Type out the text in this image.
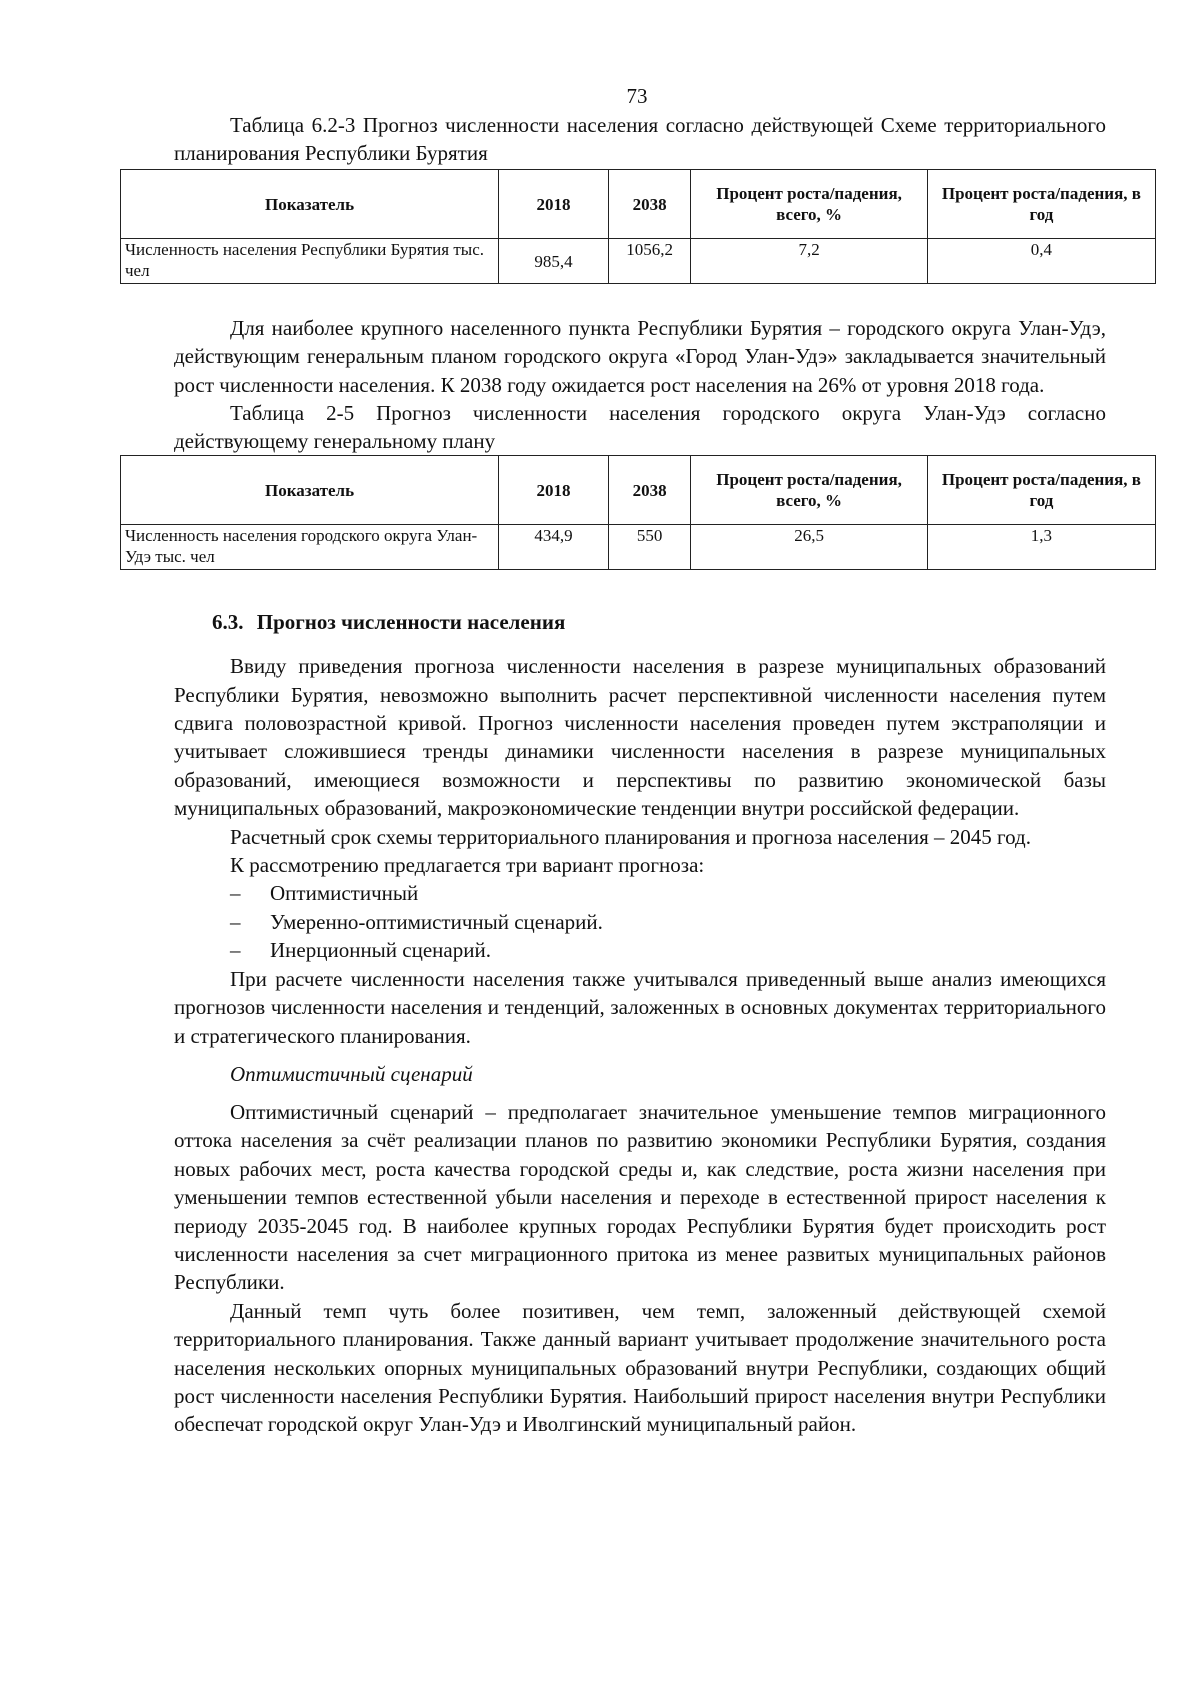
73

Таблица 6.2-3 Прогноз численности населения согласно действующей Схеме территориального планирования Республики Бурятия

Показатель	2018	2038	Процент роста/падения, всего, %	Процент роста/падения, в год
Численность населения Республики Бурятия тыс. чел	985,4	1056,2	7,2	0,4

Для наиболее крупного населенного пункта Республики Бурятия – городского округа Улан-Удэ, действующим генеральным планом городского округа «Город Улан-Удэ» закладывается значительный рост численности населения. К 2038 году ожидается рост населения на 26% от уровня 2018 года.

Таблица 2-5 Прогноз численности населения городского округа Улан-Удэ согласно действующему генеральному плану

Показатель	2018	2038	Процент роста/падения, всего, %	Процент роста/падения, в год
Численность населения городского округа Улан-Удэ тыс. чел	434,9	550	26,5	1,3
6.3. Прогноз численности населения

Ввиду приведения прогноза численности населения в разрезе муниципальных образований Республики Бурятия, невозможно выполнить расчет перспективной численности населения путем сдвига половозрастной кривой. Прогноз численности населения проведен путем экстраполяции и учитывает сложившиеся тренды динамики численности населения в разрезе муниципальных образований, имеющиеся возможности и перспективы по развитию экономической базы муниципальных образований, макроэкономические тенденции внутри российской федерации.

Расчетный срок схемы территориального планирования и прогноза населения – 2045 год.

К рассмотрению предлагается три вариант прогноза:

– Оптимистичный
– Умеренно-оптимистичный сценарий.
– Инерционный сценарий.

При расчете численности населения также учитывался приведенный выше анализ имеющихся прогнозов численности населения и тенденций, заложенных в основных документах территориального и стратегического планирования.

Оптимистичный сценарий

Оптимистичный сценарий – предполагает значительное уменьшение темпов миграционного оттока населения за счёт реализации планов по развитию экономики Республики Бурятия, создания новых рабочих мест, роста качества городской среды и, как следствие, роста жизни населения при уменьшении темпов естественной убыли населения и переходе в естественной прирост населения к периоду 2035-2045 год. В наиболее крупных городах Республики Бурятия будет происходить рост численности населения за счет миграционного притока из менее развитых муниципальных районов Республики.

Данный темп чуть более позитивен, чем темп, заложенный действующей схемой территориального планирования. Также данный вариант учитывает продолжение значительного роста населения нескольких опорных муниципальных образований внутри Республики, создающих общий рост численности населения Республики Бурятия. Наибольший прирост населения внутри Республики обеспечат городской округ Улан-Удэ и Иволгинский муниципальный район.
